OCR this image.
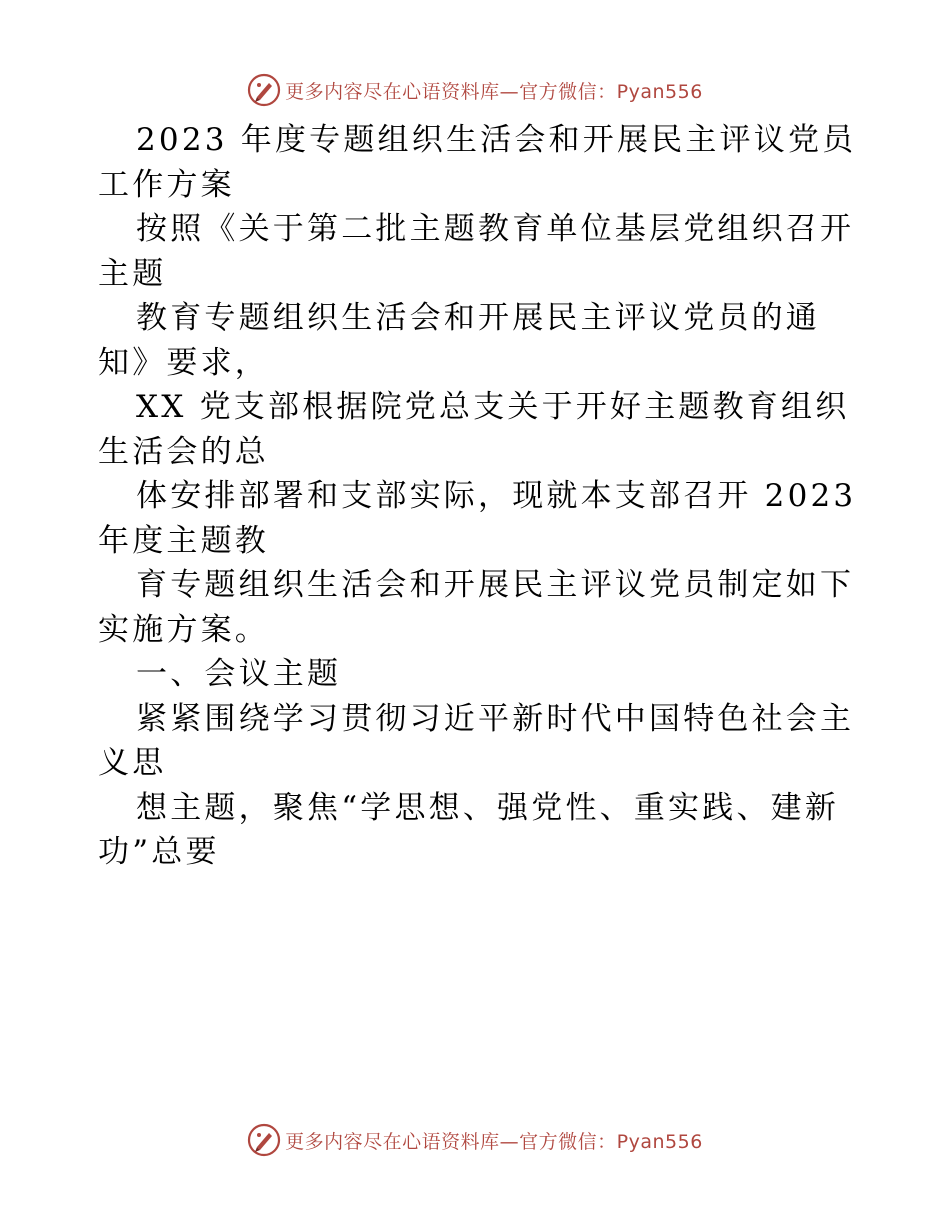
更多内容尽在心语资料库—官方微信：Pyan556
2023 年度专题组织生活会和开展民主评议党员
工作方案
按照《关于第二批主题教育单位基层党组织召开
主题
教育专题组织生活会和开展民主评议党员的通
知》要求，
XX 党支部根据院党总支关于开好主题教育组织
生活会的总
体安排部署和支部实际，现就本支部召开 2023
年度主题教
育专题组织生活会和开展民主评议党员制定如下
实施方案。
一、会议主题
紧紧围绕学习贯彻习近平新时代中国特色社会主
义思
想主题，聚焦“学思想、强党性、重实践、建新
功”总要
更多内容尽在心语资料库—官方微信：Pyan556
